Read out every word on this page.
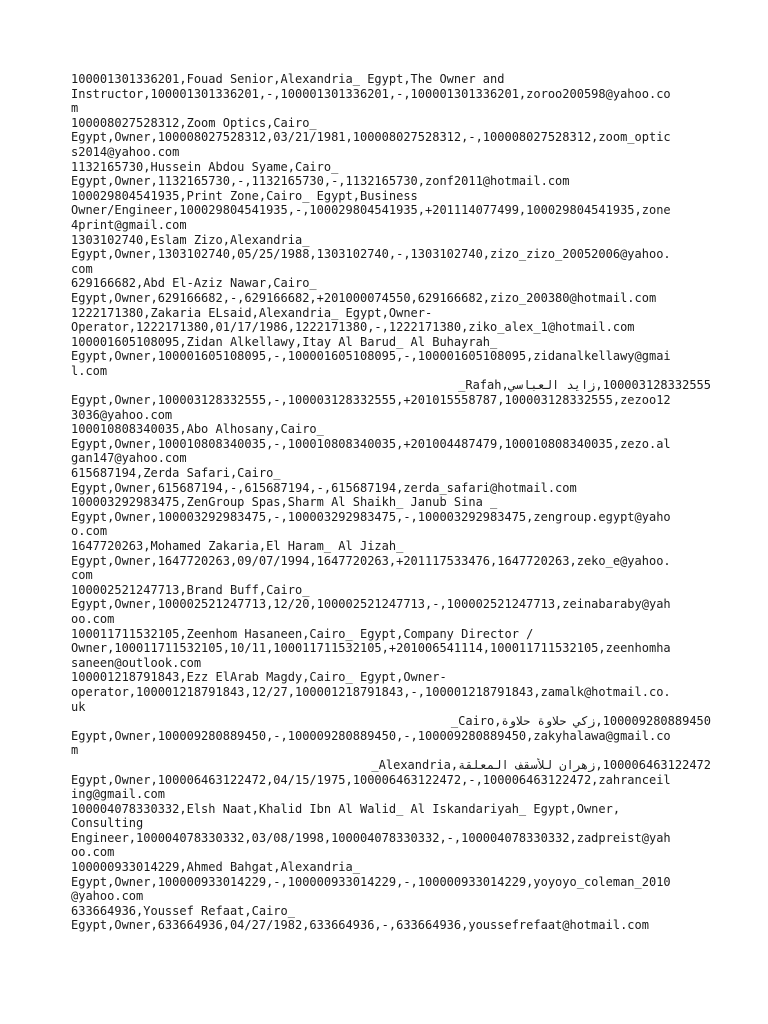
100001301336201,Fouad Senior,Alexandria_ Egypt,The Owner and
Instructor,100001301336201,-,100001301336201,-,100001301336201,zoroo200598@yahoo.co
m
100008027528312,Zoom Optics,Cairo_
Egypt,Owner,100008027528312,03/21/1981,100008027528312,-,100008027528312,zoom_optic
s2014@yahoo.com
1132165730,Hussein Abdou Syame,Cairo_
Egypt,Owner,1132165730,-,1132165730,-,1132165730,zonf2011@hotmail.com
100029804541935,Print Zone,Cairo_ Egypt,Business
Owner/Engineer,100029804541935,-,100029804541935,+201114077499,100029804541935,zone
4print@gmail.com
1303102740,Eslam Zizo,Alexandria_
Egypt,Owner,1303102740,05/25/1988,1303102740,-,1303102740,zizo_zizo_20052006@yahoo.
com
629166682,Abd El-Aziz Nawar,Cairo_
Egypt,Owner,629166682,-,629166682,+201000074550,629166682,zizo_200380@hotmail.com
1222171380,Zakaria ELsaid,Alexandria_ Egypt,Owner-
Operator,1222171380,01/17/1986,1222171380,-,1222171380,ziko_alex_1@hotmail.com
100001605108095,Zidan Alkellawy,Itay Al Barud_ Al Buhayrah_
Egypt,Owner,100001605108095,-,100001605108095,-,100001605108095,zidanalkellawy@gmai
l.com
100003128332555,زايد العباسي,Rafah_
Egypt,Owner,100003128332555,-,100003128332555,+201015558787,100003128332555,zezoo12
3036@yahoo.com
100010808340035,Abo Alhosany,Cairo_
Egypt,Owner,100010808340035,-,100010808340035,+201004487479,100010808340035,zezo.al
gan147@yahoo.com
615687194,Zerda Safari,Cairo_
Egypt,Owner,615687194,-,615687194,-,615687194,zerda_safari@hotmail.com
100003292983475,ZenGroup Spas,Sharm Al Shaikh_ Janub Sina _
Egypt,Owner,100003292983475,-,100003292983475,-,100003292983475,zengroup.egypt@yaho
o.com
1647720263,Mohamed Zakaria,El Haram_ Al Jizah_
Egypt,Owner,1647720263,09/07/1994,1647720263,+201117533476,1647720263,zeko_e@yahoo.
com
100002521247713,Brand Buff,Cairo_
Egypt,Owner,100002521247713,12/20,100002521247713,-,100002521247713,zeinabaraby@yah
oo.com
100011711532105,Zeenhom Hasaneen,Cairo_ Egypt,Company Director /
Owner,100011711532105,10/11,100011711532105,+201006541114,100011711532105,zeenhomha
saneen@outlook.com
100001218791843,Ezz ElArab Magdy,Cairo_ Egypt,Owner-
operator,100001218791843,12/27,100001218791843,-,100001218791843,zamalk@hotmail.co.
uk
100009280889450,زكي حلاوة حلاوة,Cairo_
Egypt,Owner,100009280889450,-,100009280889450,-,100009280889450,zakyhalawa@gmail.co
m
100006463122472,زهران للأسقف المعلقة,Alexandria_
Egypt,Owner,100006463122472,04/15/1975,100006463122472,-,100006463122472,zahranceil
ing@gmail.com
100004078330332,Elsh Naat,Khalid Ibn Al Walid_ Al Iskandariyah_ Egypt,Owner,
Consulting
Engineer,100004078330332,03/08/1998,100004078330332,-,100004078330332,zadpreist@yah
oo.com
100000933014229,Ahmed Bahgat,Alexandria_
Egypt,Owner,100000933014229,-,100000933014229,-,100000933014229,yoyoyo_coleman_2010
@yahoo.com
633664936,Youssef Refaat,Cairo_
Egypt,Owner,633664936,04/27/1982,633664936,-,633664936,youssefrefaat@hotmail.com
